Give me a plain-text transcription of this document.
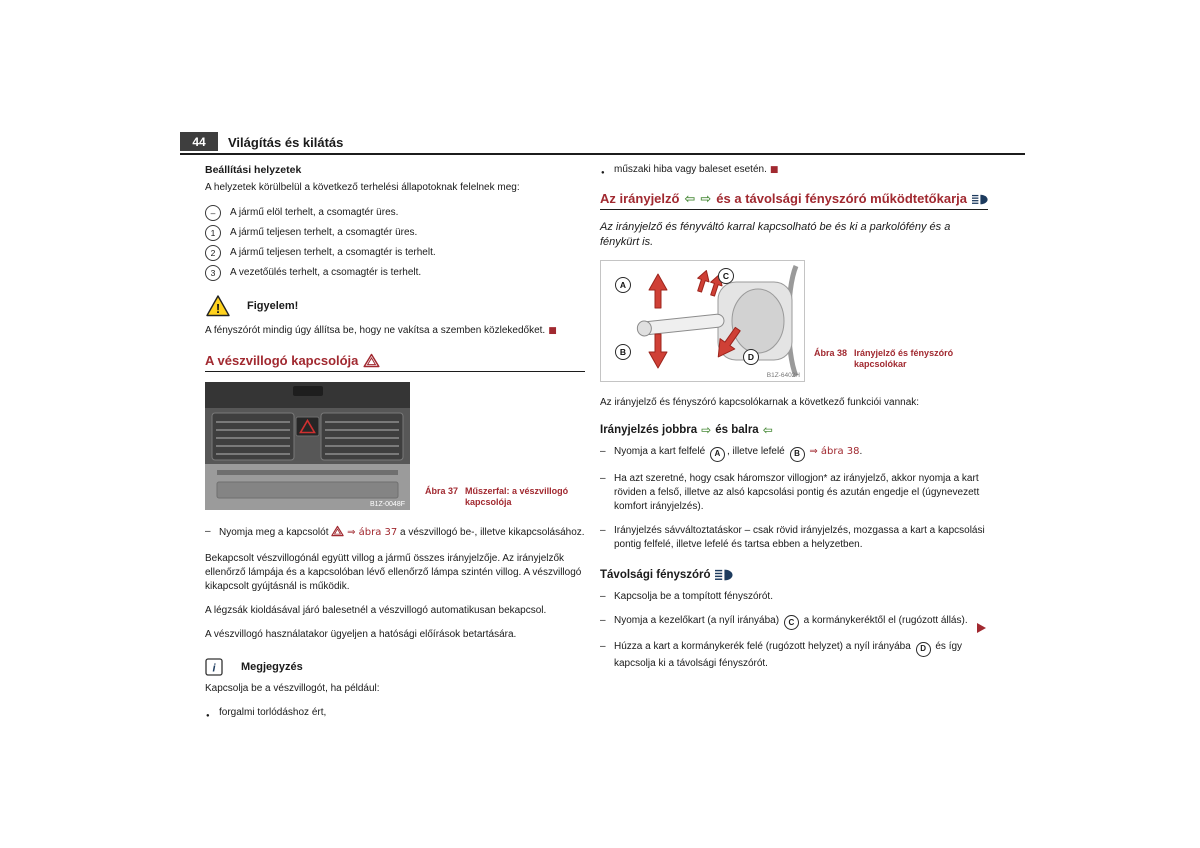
44	Világítás és kilátás
Beállítási helyzetek

A helyzetek körülbelül a következő terhelési állapotoknak felelnek meg:

–	A jármű elöl terhelt, a csomagtér üres.
1	A jármű teljesen terhelt, a csomagtér üres.
2	A jármű teljesen terhelt, a csomagtér is terhelt.
3	A vezetőülés terhelt, a csomagtér is terhelt.
! Figyelem!

A fényszórót mindig úgy állítsa be, hogy ne vakítsa a szemben közlekedőket. ■

A vészvillogó kapcsolója
B1Z-0048F
Ábra 37 Műszerfal: a vészvillogó kapcsolója
– Nyomja meg a kapcsolót ⇒ ábra 37 a vészvillogó be-, illetve kikapcsolásához.

Bekapcsolt vészvillogónál együtt villog a jármű összes irányjelzője. Az irányjelzők ellenőrző lámpája és a kapcsolóban lévő ellenőrző lámpa szintén villog. A vészvillogó kikapcsolt gyújtásnál is működik.

A légzsák kioldásával járó balesetnél a vészvillogó automatikusan bekapcsol.

A vészvillogó használatakor ügyeljen a hatósági előírások betartására.

i Megjegyzés

Kapcsolja be a vészvillogót, ha például:

● forgalmi torlódáshoz ért,
● műszaki hiba vagy baleset esetén. ■
Az irányjelző ⇦ ⇨ és a távolsági fényszóró működtetőkarja

Az irányjelző és fényváltó karral kapcsolható be és ki a parkolófény és a fénykürt is.

A
B
C
D
B1Z-6402H
Ábra 38 Irányjelző és fényszóró kapcsolókar

Az irányjelző és fényszóró kapcsolókarnak a következő funkciói vannak:

Irányjelzés jobbra ⇨ és balra ⇦
– Nyomja a kart felfelé A , illetve lefelé B ⇒ ábra 38.
– Ha azt szeretné, hogy csak háromszor villogjon* az irányjelző, akkor nyomja a kart röviden a felső, illetve az alsó kapcsolási pontig és azután engedje el (úgynevezett komfort irányjelzés).
– Irányjelzés sávváltoztatáskor – csak rövid irányjelzés, mozgassa a kart a kapcsolási pontig felfelé, illetve lefelé és tartsa ebben a helyzetben.
Távolsági fényszóró
– Kapcsolja be a tompított fényszórót.
– Nyomja a kezelőkart (a nyíl irányába) C a kormánykeréktől el (rugózott állás).
– Húzza a kart a kormánykerék felé (rugózott helyzet) a nyíl irányába D és így kapcsolja ki a távolsági fényszórót.
